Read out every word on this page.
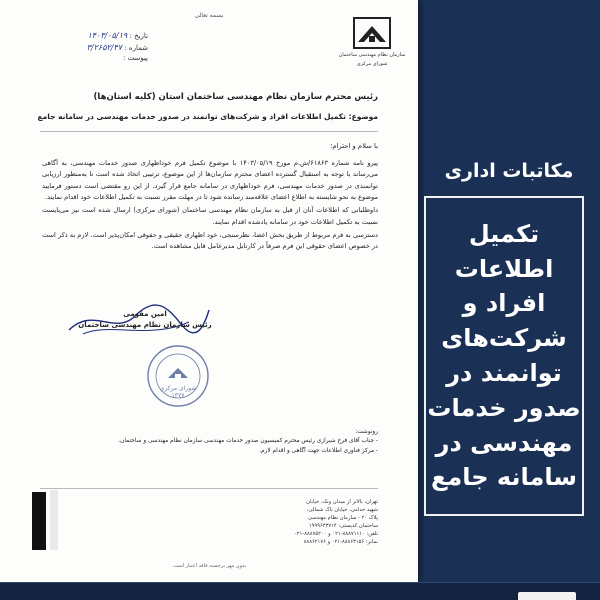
بسمه تعالی
سازمان نظام مهندسی ساختمان
شورای مرکزی
تاریخ : ۱۴۰۳/۰۵/۱۹
شماره : ۳/۲۶۵۲/۴۷
پیوست :
رئیس محترم سازمان نظام مهندسی ساختمان استان (کلیه استان‌ها)
موضوع: تکمیل اطلاعات افراد و شرکت‌های توانمند در صدور خدمات مهندسی در سامانه جامع
با سلام و احترام؛

پیرو نامه شماره ۶۱۸۶۳/ش.م مورخ ۱۴۰۳/۰۵/۱۹ با موضوع تکمیل فرم خوداظهاری صدور خدمات مهندسی، به آگاهی می‌رساند با توجه به استقبال گسترده اعضای محترم سازمان‌ها از این موضوع، ترتیبی اتخاذ شده است تا به‌منظور ارزیابی توانمندی در صدور خدمات مهندسی، فرم خوداظهاری در سامانه جامع قرار گیرد. از این رو مقتضی است دستور فرمایید موضوع به نحو شایسته به اطلاع اعضای علاقه‌مند رسانده شود تا در مهلت مقرر نسبت به تکمیل اطلاعات خود اقدام نمایند.

داوطلبانی که اطلاعات آنان از قبل به سازمان نظام مهندسی ساختمان (شورای مرکزی) ارسال شده است نیز می‌بایست نسبت به تکمیل اطلاعات خود در سامانه یادشده اقدام نمایند.

دسترسی به فرم مربوط از طریق بخش اعضا، نظرسنجی، خود اظهاری حقیقی و حقوقی امکان‌پذیر است. لازم به ذکر است در خصوص اعضای حقوقی این فرم صرفاً در کارتابل مدیرعامل قابل مشاهده است.

امین مقومی
رئیس سازمان نظام مهندسی ساختمان
شورای مرکزی
۱۳۷۷
رونوشت:
- جناب آقای فرخ شیرازی رئیس محترم کمیسیون صدور خدمات مهندسی سازمان نظام مهندسی و ساختمان.
- مرکز فناوری اطلاعات جهت آگاهی و اقدام لازم.
تهران، بالاتر از میدان ونک، خیابان
شهید خدامی، خیابان ناک شمالی،
پلاک ۲۰ - سازمان نظام مهندسی
ساختمان کدپستی: ۱۹۹۹۶۴۳۷۱۴
تلفن: ۸۸۸۷۱۱۱۰-۰۲۱ و ۸۸۸۷۵۲۰۰-۰۲۱
نمابر: ۸۸۸۶۳۱۵۶-۰۲۱ و ۸۸۸۶۲۱۷۶
بدون مهر برجسته فاقد اعتبار است.
مکاتبات اداری
تکمیل
اطلاعات
افراد و
شرکت‌های
توانمند در
صدور خدمات
مهندسی در
سامانه جامع
